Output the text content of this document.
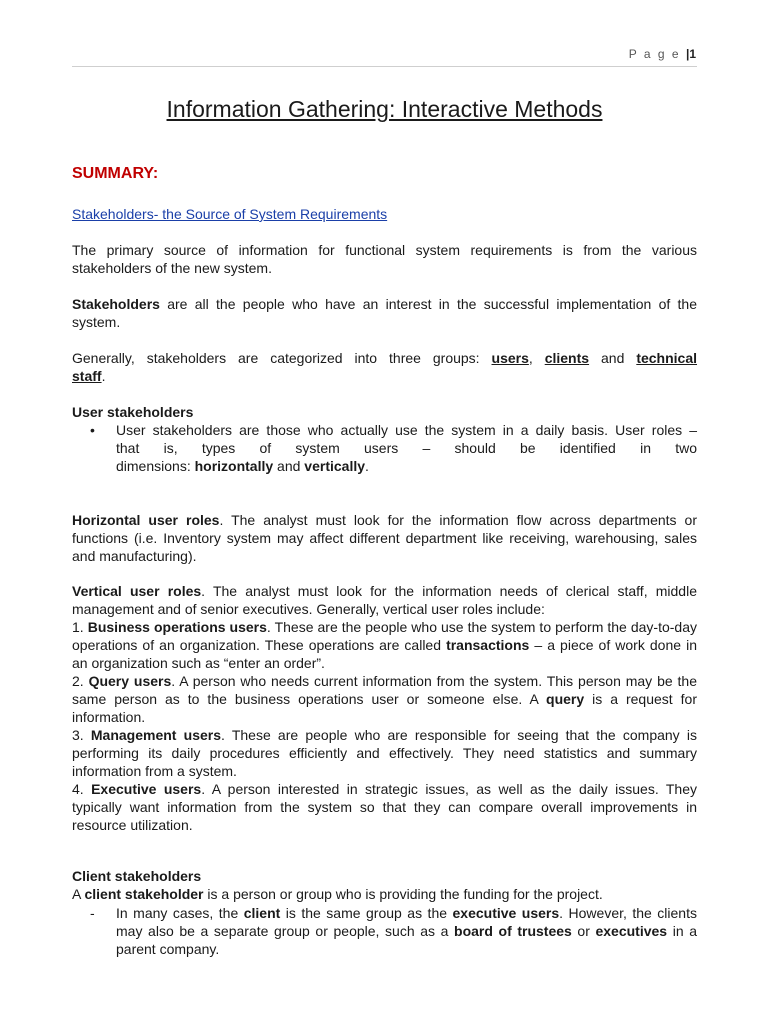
P a g e |1
Information Gathering: Interactive Methods
SUMMARY:
Stakeholders- the Source of System Requirements

The primary source of information for functional system requirements is from the various stakeholders of the new system.

Stakeholders are all the people who have an interest in the successful implementation of the system.

Generally, stakeholders are categorized into three groups: users, clients and technical
staff.

User stakeholders

• User stakeholders are those who actually use the system in a daily basis. User roles –
that is, types of system users – should be identified in two
dimensions: horizontally and vertically.

Horizontal user roles. The analyst must look for the information flow across departments or functions (i.e. Inventory system may affect different department like receiving, warehousing, sales and manufacturing).

Vertical user roles. The analyst must look for the information needs of clerical staff, middle management and of senior executives. Generally, vertical user roles include:
1. Business operations users. These are the people who use the system to perform the day-to-day operations of an organization. These operations are called transactions – a piece of work done in an organization such as “enter an order”.
2. Query users. A person who needs current information from the system. This person may be the same person as to the business operations user or someone else. A query is a request for information.
3. Management users. These are people who are responsible for seeing that the company is performing its daily procedures efficiently and effectively. They need statistics and summary information from a system.
4. Executive users. A person interested in strategic issues, as well as the daily issues. They typically want information from the system so that they can compare overall improvements in resource utilization.
Client stakeholders
A client stakeholder is a person or group who is providing the funding for the project.
- In many cases, the client is the same group as the executive users. However, the clients may also be a separate group or people, such as a board of trustees or executives in a parent company.
